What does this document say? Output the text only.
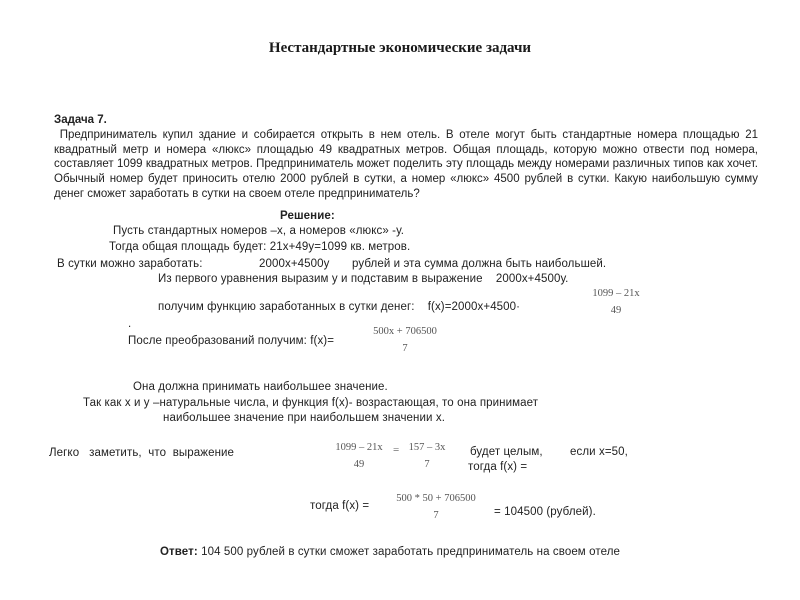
Нестандартные экономические задачи

Задача 7.

Предприниматель купил здание и собирается открыть в нем отель. В отеле могут быть стандартные номера площадью 21 квадратный метр и номера «люкс» площадью 49 квадратных метров. Общая площадь, которую можно отвести под номера, составляет 1099 квадратных метров. Предприниматель может поделить эту площадь между номерами различных типов как хочет. Обычный номер будет приносить отелю 2000 рублей в сутки, а номер «люкс» 4500 рублей в сутки. Какую наибольшую сумму денег сможет заработать в сутки на своем отеле предприниматель?

Решение:
Пусть стандартных номеров –х, а номеров «люкс» -у.
Тогда общая площадь будет: 21х+49у=1099 кв. метров.
В сутки можно заработать:	2000х+4500у рублей и эта сумма должна быть наибольшей.
Из первого уравнения выразим у и подставим в выражение    2000х+4500у.
получим функцию заработанных в сутки денег:    f(x)=2000x+4500·
1099 – 21x
49
.
После преобразований получим: f(x)=
500x + 706500
7
Она должна принимать наибольшее значение.
Так как х и у –натуральные числа, и функция f(x)- возрастающая, то она принимает
наибольшее значение при наибольшем значении х.
Легко   заметить,  что  выражение	1099 – 21x
49
= 157 – 3x
7
будет целым, если х=50,
тогда f(x) =
тогда f(x) =
500 * 50 + 706500
7	= 104500 (рублей).
Ответ: 104 500 рублей в сутки сможет заработать предприниматель на своем отеле
